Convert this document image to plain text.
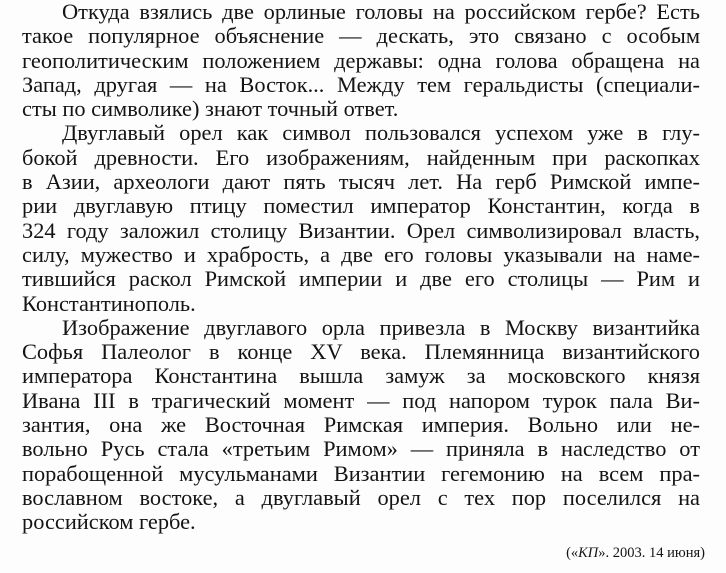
Откуда взялись две орлиные головы на российском гербе? Есть
такое популярное объяснение — дескать, это связано с особым
геополитическим положением державы: одна голова обращена на
Запад, другая — на Восток... Между тем геральдисты (специали-
сты по символике) знают точный ответ.
Двуглавый орел как символ пользовался успехом уже в глу-
бокой древности. Его изображениям, найденным при раскопках
в Азии, археологи дают пять тысяч лет. На герб Римской импе-
рии двуглавую птицу поместил император Константин, когда в
324 году заложил столицу Византии. Орел символизировал власть,
силу, мужество и храбрость, а две его головы указывали на наме-
тившийся раскол Римской империи и две его столицы — Рим и
Константинополь.
Изображение двуглавого орла привезла в Москву византийка
Софья Палеолог в конце XV века. Племянница византийского
императора Константина вышла замуж за московского князя
Ивана III в трагический момент — под напором турок пала Ви-
зантия, она же Восточная Римская империя. Вольно или не-
вольно Русь стала «третьим Римом» — приняла в наследство от
порабощенной мусульманами Византии гегемонию на всем пра-
вославном востоке, а двуглавый орел с тех пор поселился на
российском гербе.
(«КП». 2003. 14 июня)
